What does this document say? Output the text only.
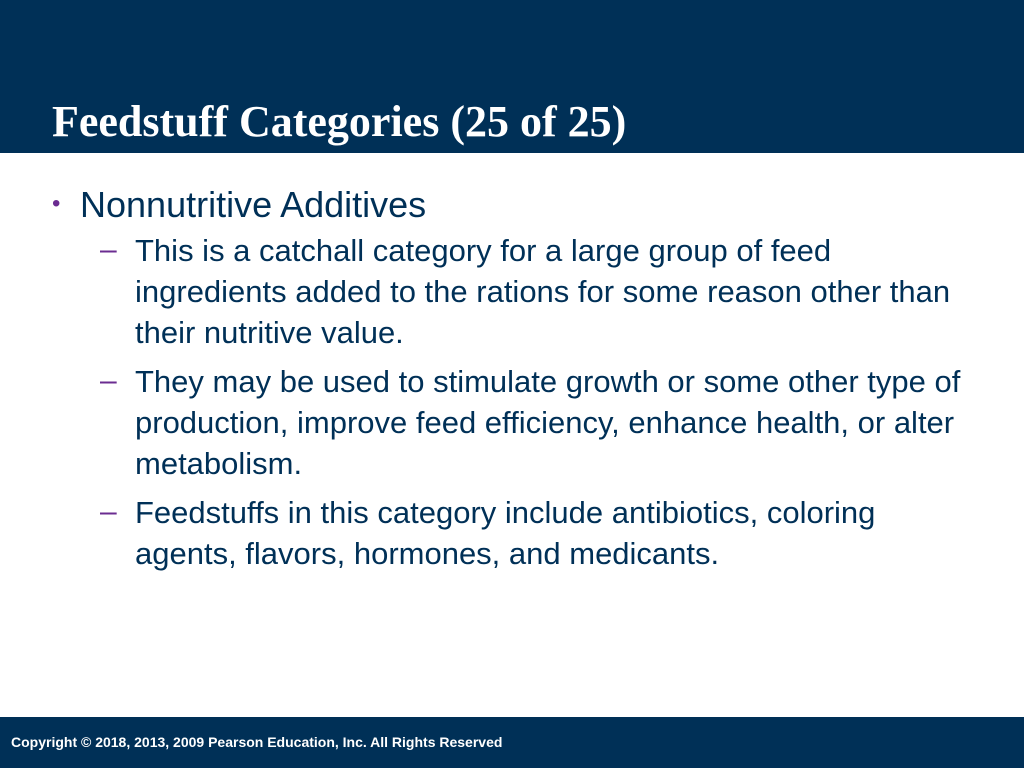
Feedstuff Categories (25 of 25)
• Nonnutritive Additives
– This is a catchall category for a large group of feed ingredients added to the rations for some reason other than their nutritive value.
– They may be used to stimulate growth or some other type of production, improve feed efficiency, enhance health, or alter metabolism.
– Feedstuffs in this category include antibiotics, coloring agents, flavors, hormones, and medicants.
Copyright © 2018, 2013, 2009 Pearson Education, Inc. All Rights Reserved
